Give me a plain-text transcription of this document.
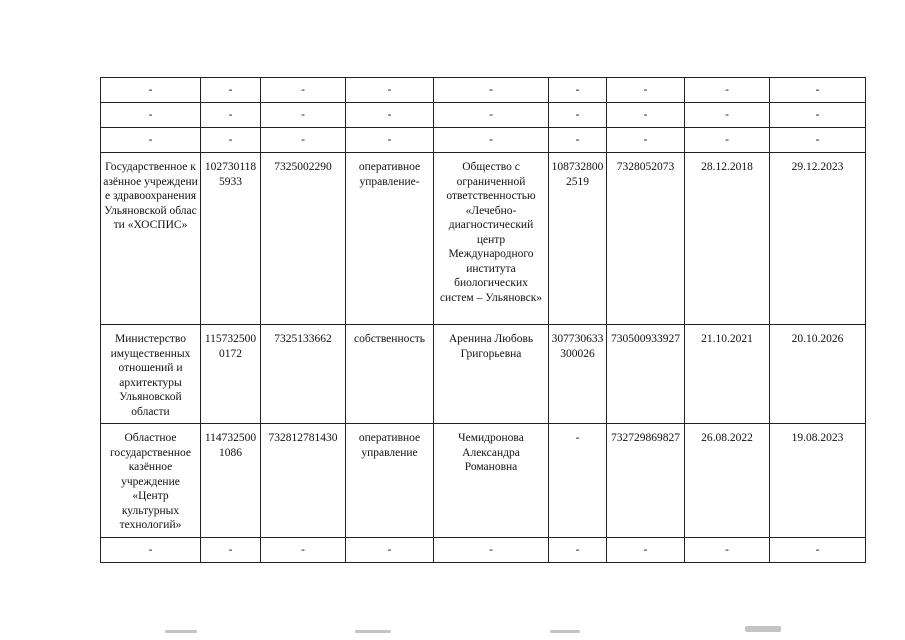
-	-	-	-	-	-	-	-	-
-	-	-	-	-	-	-	-	-
-	-	-	-	-	-	-	-	-
Государственное казённое учреждение здравоохранения Ульяновской области «ХОСПИС»	1027301185933	7325002290	оперативное управление-	Общество с ограниченной ответственностью «Лечебно-диагностический центр Международного института биологических систем – Ульяновск»	1087328002519	7328052073	28.12.2018	29.12.2023
Министерство имущественных отношений и архитектуры Ульяновской области	1157325000172	7325133662	собственность	Аренина Любовь Григорьевна	307730633300026	730500933927	21.10.2021	20.10.2026
Областное государственное казённое учреждение «Центр культурных технологий»	1147325001086	732812781430	оперативное управление	Чемидронова Александра Романовна	-	732729869827	26.08.2022	19.08.2023
-	-	-	-	-	-	-	-	-
